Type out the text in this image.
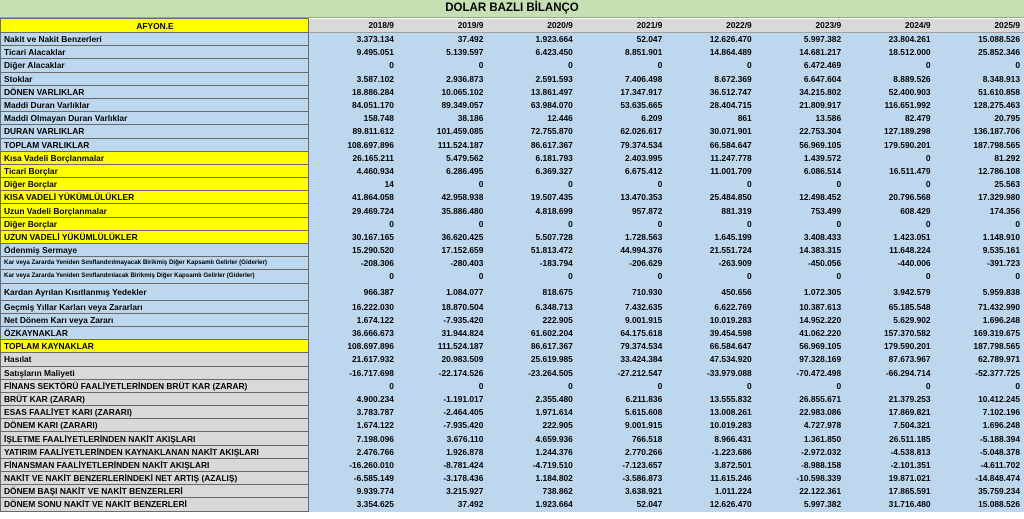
DOLAR BAZLI BİLANÇO
AFYON.E	2018/9	2019/9	2020/9	2021/9	2022/9	2023/9	2024/9	2025/9
Nakit ve Nakit Benzerleri	3.373.134	37.492	1.923.664	52.047	12.626.470	5.997.382	23.804.261	15.088.526
Ticari Alacaklar	9.495.051	5.139.597	6.423.450	8.851.901	14.864.489	14.681.217	18.512.000	25.852.346
Diğer Alacaklar	0	0	0	0	0	6.472.469	0	0
Stoklar	3.587.102	2.936.873	2.591.593	7.406.498	8.672.369	6.647.604	8.889.526	8.348.913
DÖNEN VARLIKLAR	18.886.284	10.065.102	13.861.497	17.347.917	36.512.747	34.215.802	52.400.903	51.610.858
Maddi Duran Varlıklar	84.051.170	89.349.057	63.984.070	53.635.665	28.404.715	21.809.917	116.651.992	128.275.463
Maddi Olmayan Duran Varlıklar	158.748	38.186	12.446	6.209	861	13.586	82.479	20.795
DURAN VARLIKLAR	89.811.612	101.459.085	72.755.870	62.026.617	30.071.901	22.753.304	127.189.298	136.187.706
TOPLAM VARLIKLAR	108.697.896	111.524.187	86.617.367	79.374.534	66.584.647	56.969.105	179.590.201	187.798.565
Kısa Vadeli Borçlanmalar	26.165.211	5.479.562	6.181.793	2.403.995	11.247.778	1.439.572	0	81.292
Ticari Borçlar	4.460.934	6.286.495	6.369.327	6.675.412	11.001.709	6.086.514	16.511.479	12.786.108
Diğer Borçlar	14	0	0	0	0	0	0	25.563
KISA VADELİ YÜKÜMLÜLÜKLER	41.864.058	42.958.938	19.507.435	13.470.353	25.484.850	12.498.452	20.796.568	17.329.980
Uzun Vadeli Borçlanmalar	29.469.724	35.886.480	4.818.699	957.872	881.319	753.499	608.429	174.356
Diğer Borçlar	0	0	0	0	0	0	0	0
UZUN VADELİ YÜKÜMLÜLÜKLER	30.167.165	36.620.425	5.507.728	1.728.563	1.645.199	3.408.433	1.423.051	1.148.910
Ödenmiş Sermaye	15.290.520	17.152.659	51.813.472	44.994.376	21.551.724	14.383.315	11.648.224	9.535.161
Kar veya Zararda Yeniden Sınıflandırılmayacak Birikmiş Diğer Kapsamlı Gelirler (Giderler)	-208.306	-280.403	-183.794	-206.629	-263.909	-450.056	-440.006	-391.723
Kar veya Zararda Yeniden Sınıflandırılacak Birikmiş Diğer Kapsamlı Gelirler (Giderler)	0	0	0	0	0	0	0	0
Kardan Ayrılan Kısıtlanmış Yedekler	966.387	1.084.077	818.675	710.930	450.656	1.072.305	3.942.579	5.959.838
Geçmiş Yıllar Karları veya Zararları	16.222.030	18.870.504	6.348.713	7.432.635	6.622.769	10.387.613	65.185.548	71.432.990
Net Dönem Karı veya Zararı	1.674.122	-7.935.420	222.905	9.001.915	10.019.283	14.952.220	5.629.902	1.696.248
ÖZKAYNAKLAR	36.666.673	31.944.824	61.602.204	64.175.618	39.454.598	41.062.220	157.370.582	169.319.675
TOPLAM KAYNAKLAR	108.697.896	111.524.187	86.617.367	79.374.534	66.584.647	56.969.105	179.590.201	187.798.565
Hasılat	21.617.932	20.983.509	25.619.985	33.424.384	47.534.920	97.328.169	87.673.967	62.789.971
Satışların Maliyeti	-16.717.698	-22.174.526	-23.264.505	-27.212.547	-33.979.088	-70.472.498	-66.294.714	-52.377.725
FİNANS SEKTÖRÜ FAALİYETLERİNDEN BRÜT KAR (ZARAR)	0	0	0	0	0	0	0	0
BRÜT KAR (ZARAR)	4.900.234	-1.191.017	2.355.480	6.211.836	13.555.832	26.855.671	21.379.253	10.412.245
ESAS FAALİYET KARI (ZARARI)	3.783.787	-2.464.405	1.971.614	5.615.608	13.008.261	22.983.086	17.869.821	7.102.196
DÖNEM KARI (ZARARI)	1.674.122	-7.935.420	222.905	9.001.915	10.019.283	4.727.978	7.504.321	1.696.248
İŞLETME FAALİYETLERİNDEN NAKİT AKIŞLARI	7.198.096	3.676.110	4.659.936	766.518	8.966.431	1.361.850	26.511.185	-5.188.394
YATIRIM FAALİYETLERİNDEN KAYNAKLANAN NAKİT AKIŞLARI	2.476.766	1.926.878	1.244.376	2.770.266	-1.223.686	-2.972.032	-4.538.813	-5.048.378
FİNANSMAN FAALİYETLERİNDEN NAKİT AKIŞLARI	-16.260.010	-8.781.424	-4.719.510	-7.123.657	3.872.501	-8.988.158	-2.101.351	-4.611.702
NAKİT VE NAKİT BENZERLERİNDEKİ NET ARTIŞ (AZALIŞ)	-6.585.149	-3.178.436	1.184.802	-3.586.873	11.615.246	-10.598.339	19.871.021	-14.848.474
DÖNEM BAŞI NAKİT VE NAKİT BENZERLERİ	9.939.774	3.215.927	738.862	3.638.921	1.011.224	22.122.361	17.865.591	35.759.234
DÖNEM SONU NAKİT VE NAKİT BENZERLERİ	3.354.625	37.492	1.923.664	52.047	12.626.470	5.997.382	31.716.480	15.088.526
